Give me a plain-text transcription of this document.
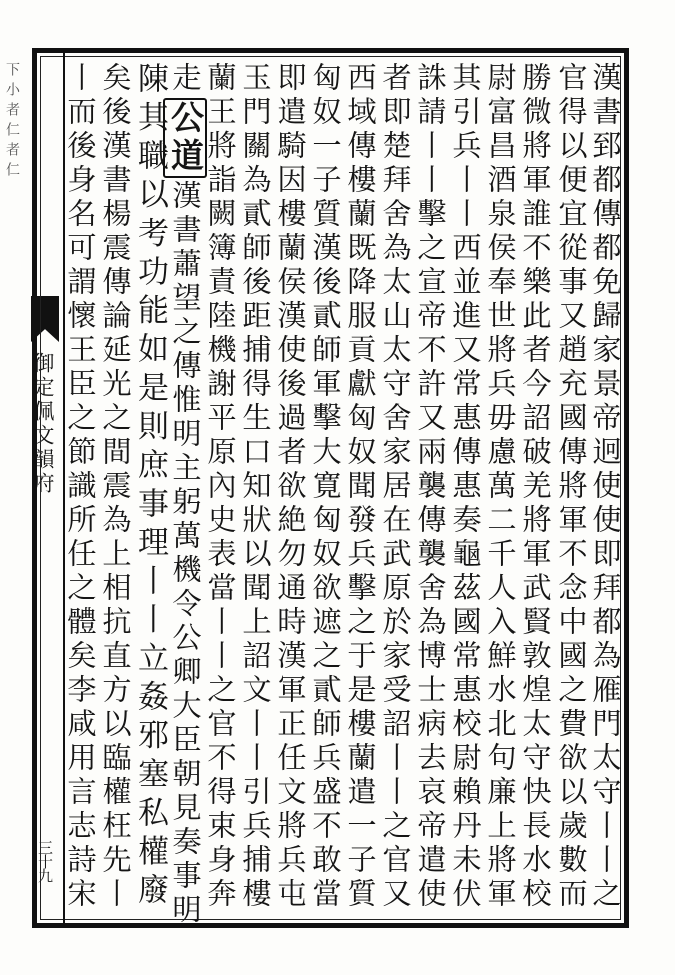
下小者仁者仁
御定佩文韻府
三十九	漢書郅都傳都免歸家景帝迥使使即拜都為雁門太守丨丨之
官得以便宜從事又趙充國傳將軍不念中國之費欲以歲數而
勝微將軍誰不樂此者今詔破羌將軍武賢敦煌太守快長水校
尉富昌酒泉侯奉世將兵毋慮萬二千人入鮮水北句廉上將軍
其引兵丨丨西並進又常惠傳惠奏龜茲國常惠校尉賴丹未伏
誅請丨丨擊之宣帝不許又兩襲傳襲舍為博士病去哀帝遣使
者即楚拜舍為太山太守舍家居在武原於家受詔丨丨之官又
西域傳樓蘭既降服貢獻匈奴聞發兵擊之于是樓蘭遣一子質
匈奴一子質漢後貳師軍擊大寛匈奴欲遮之貳師兵盛不敢當
即遣騎因樓蘭侯漢使後過者欲絶勿通時漢軍正任文將兵屯
玉門關為貳師後距捕得生口知狀以聞上詔文丨丨引兵捕樓
蘭王將詣闕簿責陸機謝平原內史表當丨丨之官不得束身奔
走公道漢書蕭望之傳惟明主躬萬機令公卿大臣朝見奏事明
陳其職以考功能如是則庶事理丨丨立姦邪塞私權廢
矣後漢書楊震傳論延光之間震為上相抗直方以臨權枉先丨
丨而後身名可謂懷王臣之節識所任之體矣李咸用言志詩宋
